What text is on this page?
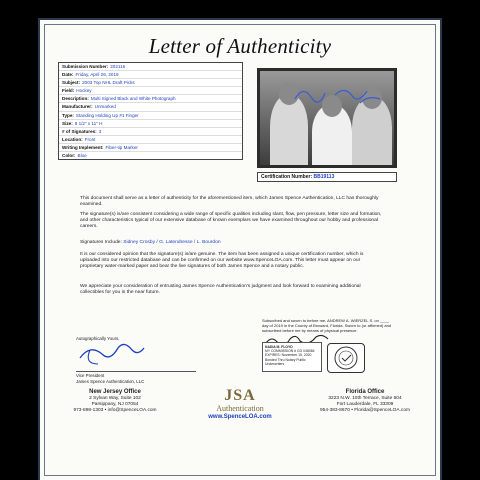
Letter of Authenticity
Submission Number: 202116
Date: Friday, April 26, 2019
Subject: 2003 Top NHL Draft Picks
Field: Hockey
Description: Multi Signed Black and White Photograph
Manufacturer: Unmarked
Type: Standing Holding Up #1 Finger
Size: 8 1/2" x 11" H
# of Signatures: 3
Location: Front
Writing Implement: Fiber-tip Marker
Color: Blue
Certification Number: BB19113
This document shall serve as a letter of authenticity for the aforementioned item, which James Spence Authentication, LLC has thoroughly examined.
The signature(s) is/are consistent considering a wide range of specific qualities including slant, flow, pen pressure, letter size and formation, and other characteristics typical of our extensive database of known exemplars we have examined throughout our hobby and professional careers.
Signatures Include: Sidney Crosby / G. Latendresse / L. Bourdon
It is our considered opinion that the signature(s) is/are genuine. The item has been assigned a unique certification number, which is uploaded into our restricted database and can be confirmed on our website www.SpenceLOA.com. This letter must appear on our proprietary water-marked paper and bear the live signatures of both James Spence and a notary public.
We appreciate your consideration of entrusting James Spence Authentication's judgment and look forward to examining additional collectibles for you in the near future.
Autographically Yours,
Vice President
James Spence Authentication, LLC
Subscribed and sworn to before me, ANDREW A. WIERZEL S. on ____ day of 2019 in the County of Broward, Florida. Sworn to (or affirmed) and subscribed before me by means of physical presence.
NADIA M. FLOYD
MY COMMISSION # GG 048084
EXPIRES: November 15, 2020
Bonded Thru Notary Public Underwriters
New Jersey Office
2 Sylvan Way, Suite 102
Parsippany, NJ 07054
973-898-1303 • info@SpenceLOA.com
JSA
Authentication
www.SpenceLOA.com
Florida Office
3223 N.W. 10th Terrace, Suite 604
Fort Lauderdale, FL 33309
954-383-8670 • Florida@SpenceLOA.com
